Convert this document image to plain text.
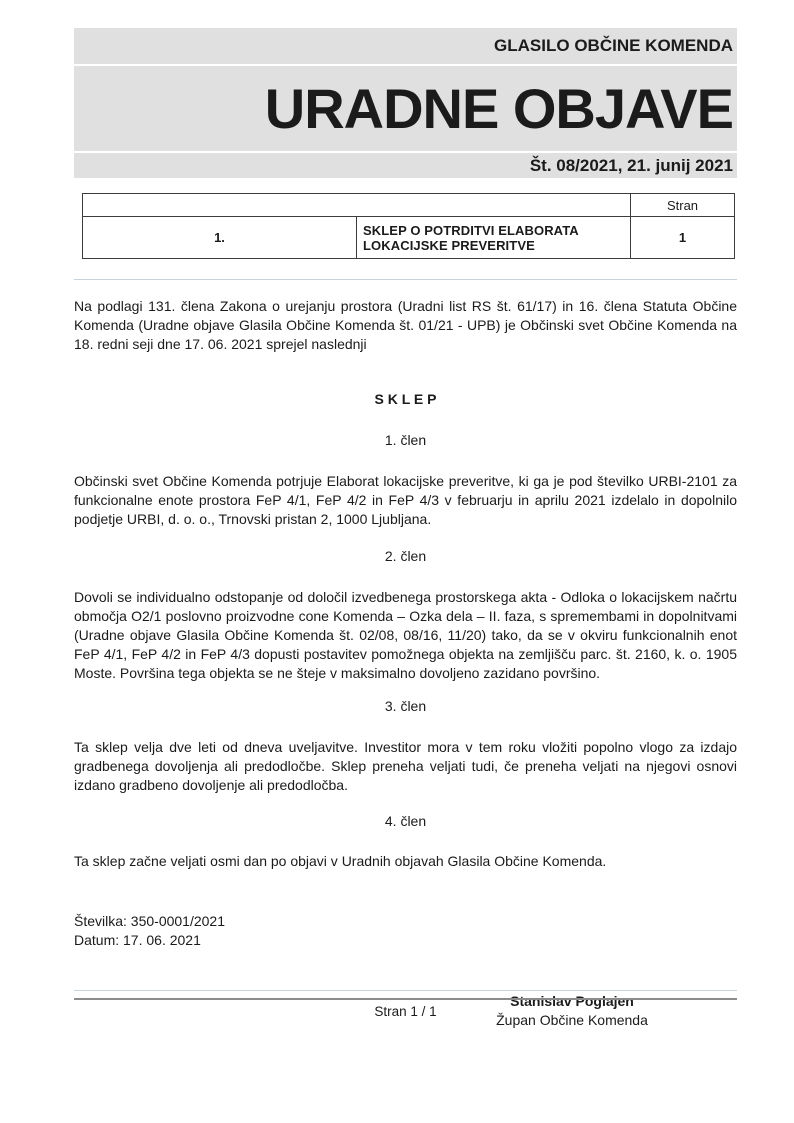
GLASILO OBČINE KOMENDA
URADNE OBJAVE
Št. 08/2021, 21. junij 2021
		Stran
1.	SKLEP O POTRDITVI ELABORATA LOKACIJSKE PREVERITVE	1

Na podlagi 131. člena Zakona o urejanju prostora (Uradni list RS št. 61/17) in 16. člena Statuta Občine Komenda (Uradne objave Glasila Občine Komenda št. 01/21 - UPB) je Občinski svet Občine Komenda na 18. redni seji dne 17. 06. 2021 sprejel naslednji

S K L E P

1. člen

Občinski svet Občine Komenda potrjuje Elaborat lokacijske preveritve, ki ga je pod številko URBI-2101 za funkcionalne enote prostora FeP 4/1, FeP 4/2 in FeP 4/3 v februarju in aprilu 2021 izdelalo in dopolnilo podjetje URBI, d. o. o., Trnovski pristan 2, 1000 Ljubljana.

2. člen

Dovoli se individualno odstopanje od določil izvedbenega prostorskega akta - Odloka o lokacijskem načrtu območja O2/1 poslovno proizvodne cone Komenda – Ozka dela – II. faza, s spremembami in dopolnitvami (Uradne objave Glasila Občine Komenda št. 02/08, 08/16, 11/20) tako, da se v okviru funkcionalnih enot FeP 4/1, FeP 4/2 in FeP 4/3 dopusti postavitev pomožnega objekta na zemljišču parc. št. 2160, k. o. 1905 Moste. Površina tega objekta se ne šteje v maksimalno dovoljeno zazidano površino.

3. člen

Ta sklep velja dve leti od dneva uveljavitve. Investitor mora v tem roku vložiti popolno vlogo za izdajo gradbenega dovoljenja ali predodločbe. Sklep preneha veljati tudi, če preneha veljati na njegovi osnovi izdano gradbeno dovoljenje ali predodločba.

4. člen

Ta sklep začne veljati osmi dan po objavi v Uradnih objavah Glasila Občine Komenda.

Številka: 350-0001/2021
Datum: 17. 06. 2021
Stanislav Poglajen
Župan Občine Komenda
Stran 1 / 1
